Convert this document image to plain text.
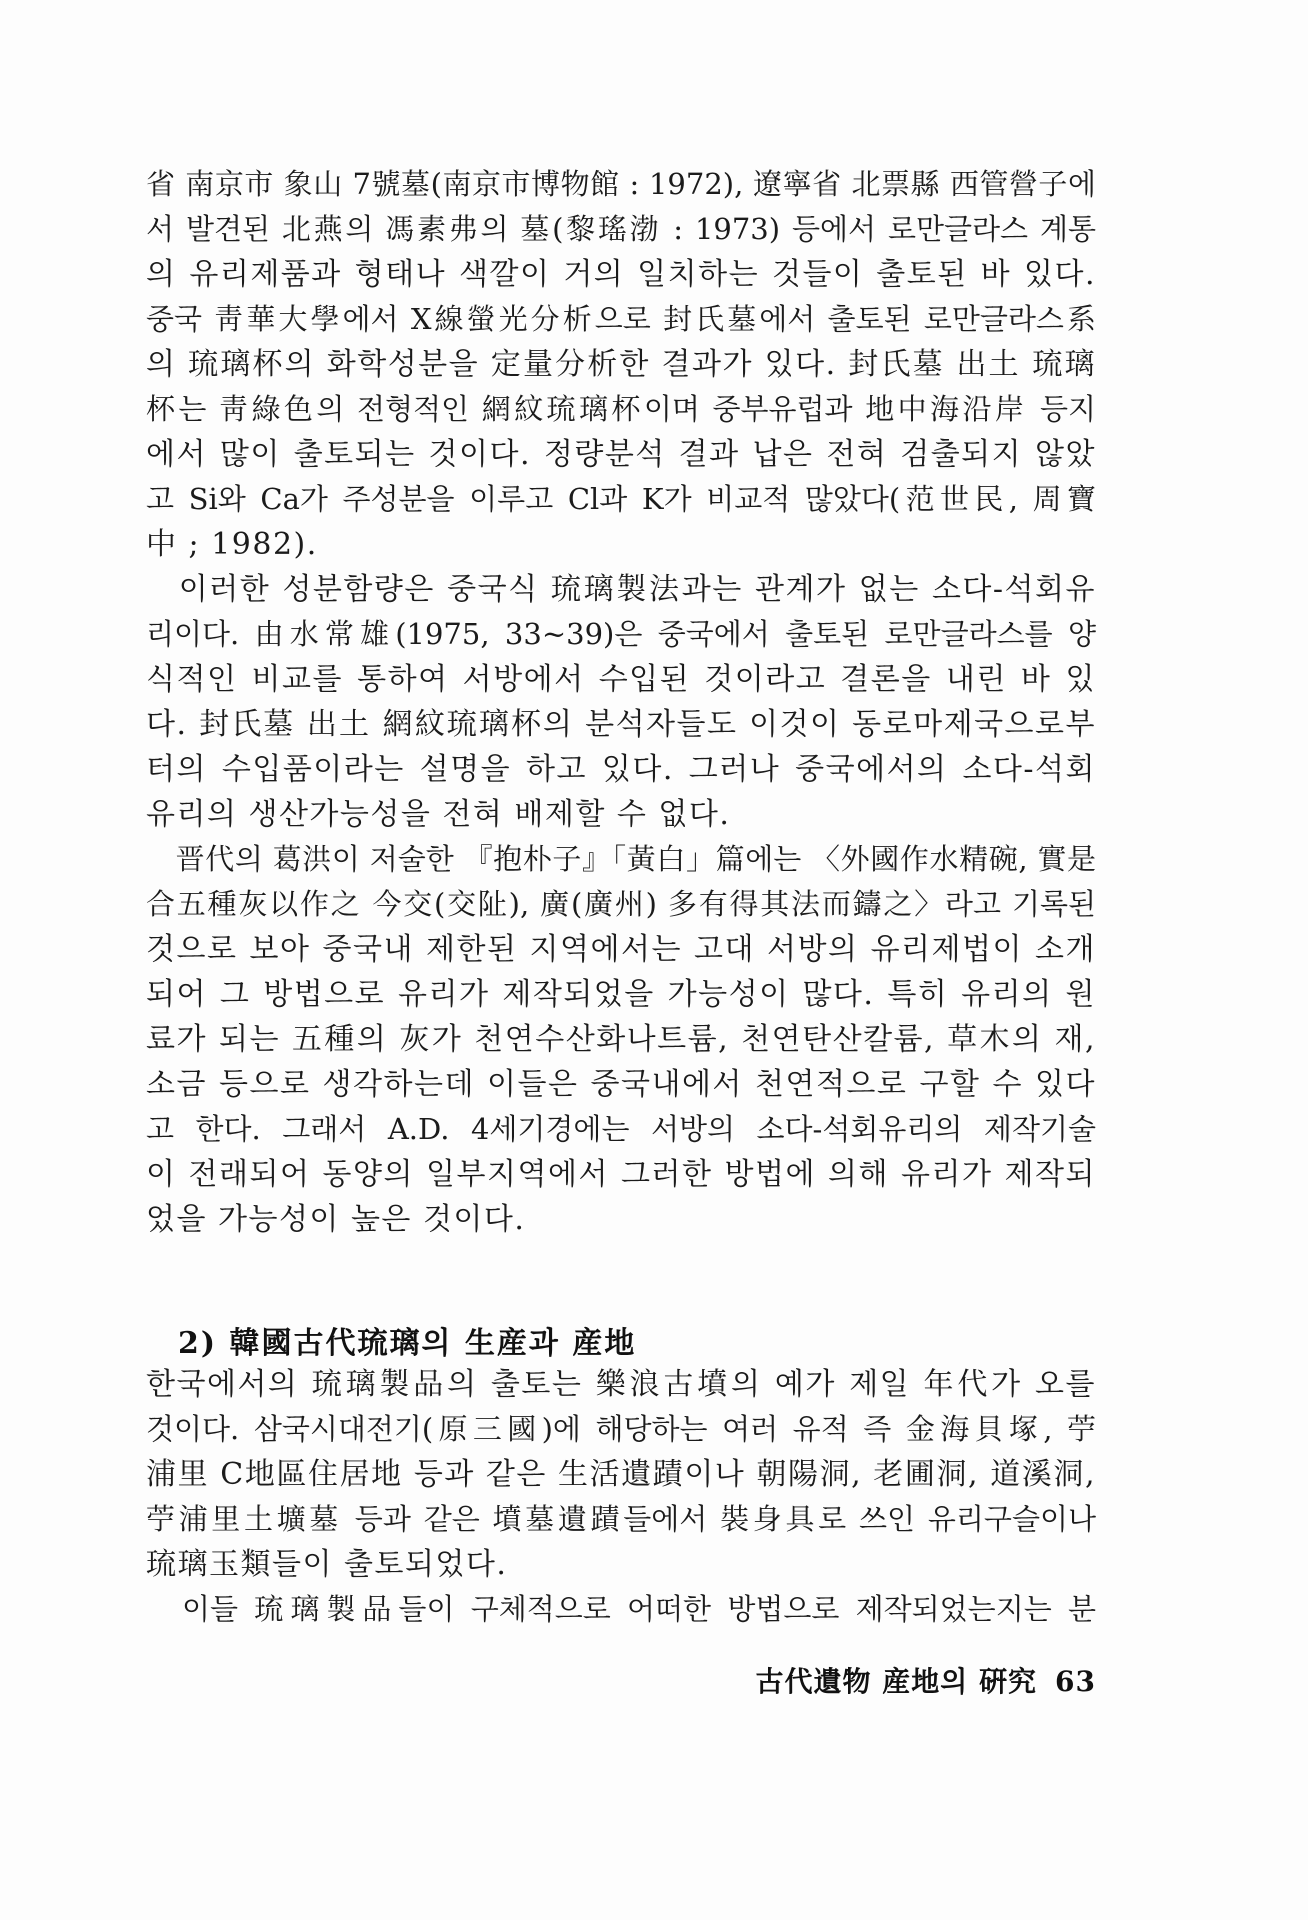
省 南京市 象山 7號墓(南京市博物館 : 1972), 遼寧省 北票縣 西管營子에
서 발견된 北燕의 馮素弗의 墓(黎瑤渤 : 1973) 등에서 로만글라스 계통
의 유리제품과 형태나 색깔이 거의 일치하는 것들이 출토된 바 있다.
중국 靑華大學에서 X線螢光分析으로 封氏墓에서 출토된 로만글라스系
의 琉璃杯의 화학성분을 定量分析한 결과가 있다. 封氏墓 出土 琉璃
杯는 靑綠色의 전형적인 網紋琉璃杯이며 중부유럽과 地中海沿岸 등지
에서 많이 출토되는 것이다. 정량분석 결과 납은 전혀 검출되지 않았
고 Si와 Ca가 주성분을 이루고 Cl과 K가 비교적 많았다(范世民, 周寶
中 ; 1982).
　이러한 성분함량은 중국식 琉璃製法과는 관계가 없는 소다-석회유
리이다. 由水常雄(1975, 33~39)은 중국에서 출토된 로만글라스를 양
식적인 비교를 통하여 서방에서 수입된 것이라고 결론을 내린 바 있
다. 封氏墓 出土 網紋琉璃杯의 분석자들도 이것이 동로마제국으로부
터의 수입품이라는 설명을 하고 있다. 그러나 중국에서의 소다-석회
유리의 생산가능성을 전혀 배제할 수 없다.
　晋代의 葛洪이 저술한 『抱朴子』「黃白」篇에는 〈外國作水精碗, 實是
合五種灰以作之 今交(交阯), 廣(廣州) 多有得其法而鑄之〉라고 기록된
것으로 보아 중국내 제한된 지역에서는 고대 서방의 유리제법이 소개
되어 그 방법으로 유리가 제작되었을 가능성이 많다. 특히 유리의 원
료가 되는 五種의 灰가 천연수산화나트륨, 천연탄산칼륨, 草木의 재,
소금 등으로 생각하는데 이들은 중국내에서 천연적으로 구할 수 있다
고 한다. 그래서 A.D. 4세기경에는 서방의 소다-석회유리의 제작기술
이 전래되어 동양의 일부지역에서 그러한 방법에 의해 유리가 제작되
었을 가능성이 높은 것이다.
2) 韓國古代琉璃의 生産과 産地
한국에서의 琉璃製品의 출토는 樂浪古墳의 예가 제일 年代가 오를
것이다. 삼국시대전기(原三國)에 해당하는 여러 유적 즉 金海貝塚, 苧
浦里 C地區住居地 등과 같은 生活遺蹟이나 朝陽洞, 老圃洞, 道溪洞,
苧浦里土壙墓 등과 같은 墳墓遺蹟들에서 裝身具로 쓰인 유리구슬이나
琉璃玉類들이 출토되었다.
　이들 琉璃製品들이 구체적으로 어떠한 방법으로 제작되었는지는 분
古代遺物 産地의 硏究 63
